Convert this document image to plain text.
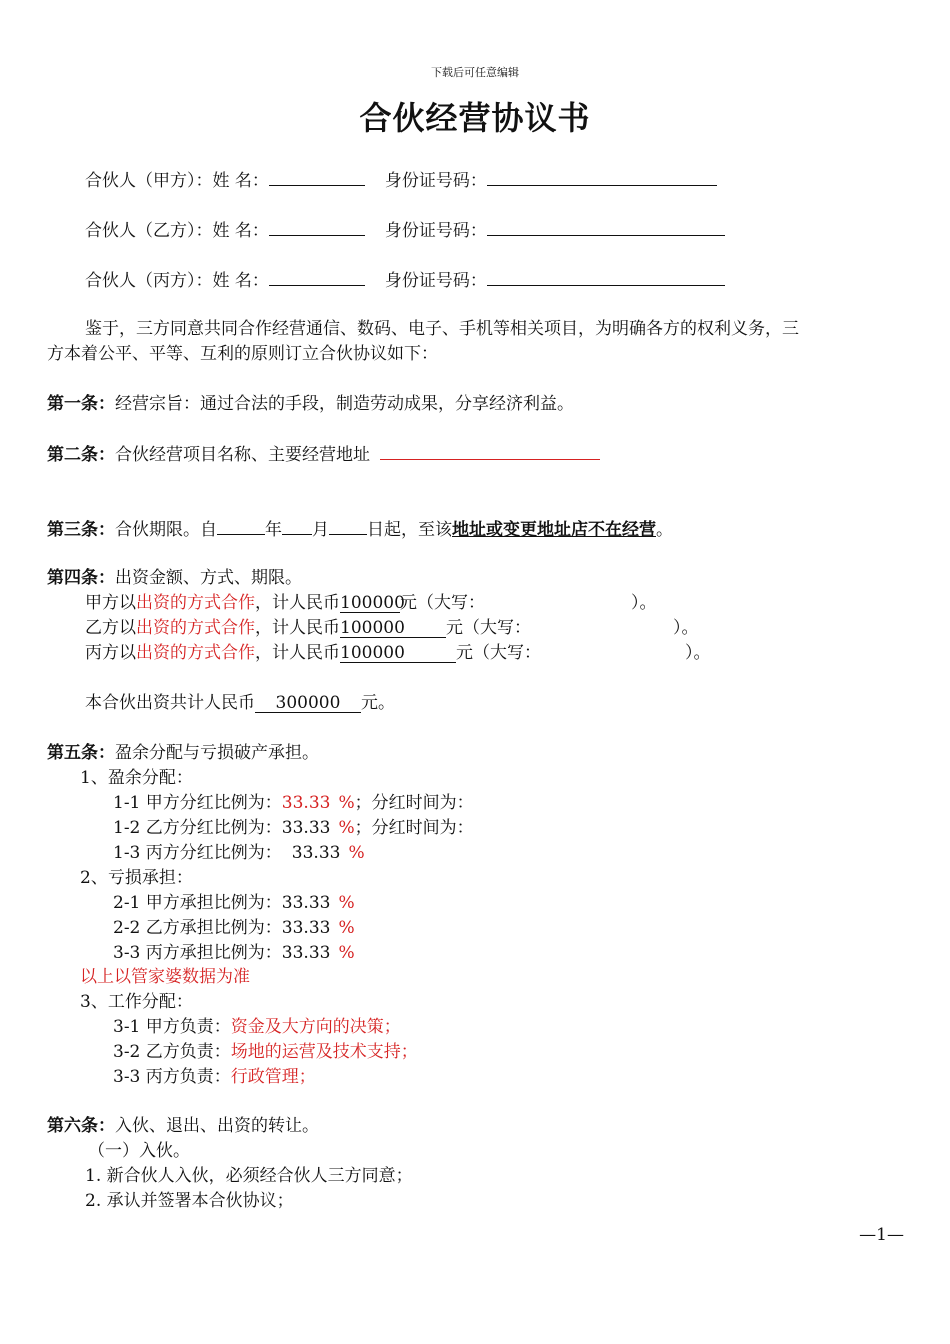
下载后可任意编辑
合伙经营协议书
合伙人（甲方）：姓 名：	身份证号码：
合伙人（乙方）：姓 名：	身份证号码：
合伙人（丙方）：姓 名：	身份证号码：
鉴于，三方同意共同合作经营通信、数码、电子、手机等相关项目，为明确各方的权利义务，三
方本着公平、平等、互利的原则订立合伙协议如下：
第一条：经营宗旨：通过合法的手段，制造劳动成果，分享经济利益。
第二条：合伙经营项目名称、主要经营地址
第三条：合伙期限。自	年 月 日起，至该地址或变更地址店不在经营。
第四条：出资金额、方式、期限。
甲方以出资的方式合作，计人民币100000元（大写：	）。
乙方以出资的方式合作，计人民币100000 元（大写：	）。
丙方以出资的方式合作，计人民币100000	元（大写：	）。
本合伙出资共计人民币 300000 元。
第五条：盈余分配与亏损破产承担。
1、盈余分配：
1-1 甲方分红比例为：33.33 %；分红时间为：
1-2 乙方分红比例为：33.33 %；分红时间为：
1-3 丙方分红比例为： 33.33 %
2、亏损承担：
2-1 甲方承担比例为：33.33 %
2-2 乙方承担比例为：33.33 %
3-3 丙方承担比例为：33.33 %
以上以管家婆数据为准
3、工作分配：
3-1 甲方负责：资金及大方向的决策；
3-2 乙方负责：场地的运营及技术支持；
3-3 丙方负责：行政管理；
第六条：入伙、退出、出资的转让。
（一）入伙。
1. 新合伙人入伙，必须经合伙人三方同意；
2. 承认并签署本合伙协议；
—1—
